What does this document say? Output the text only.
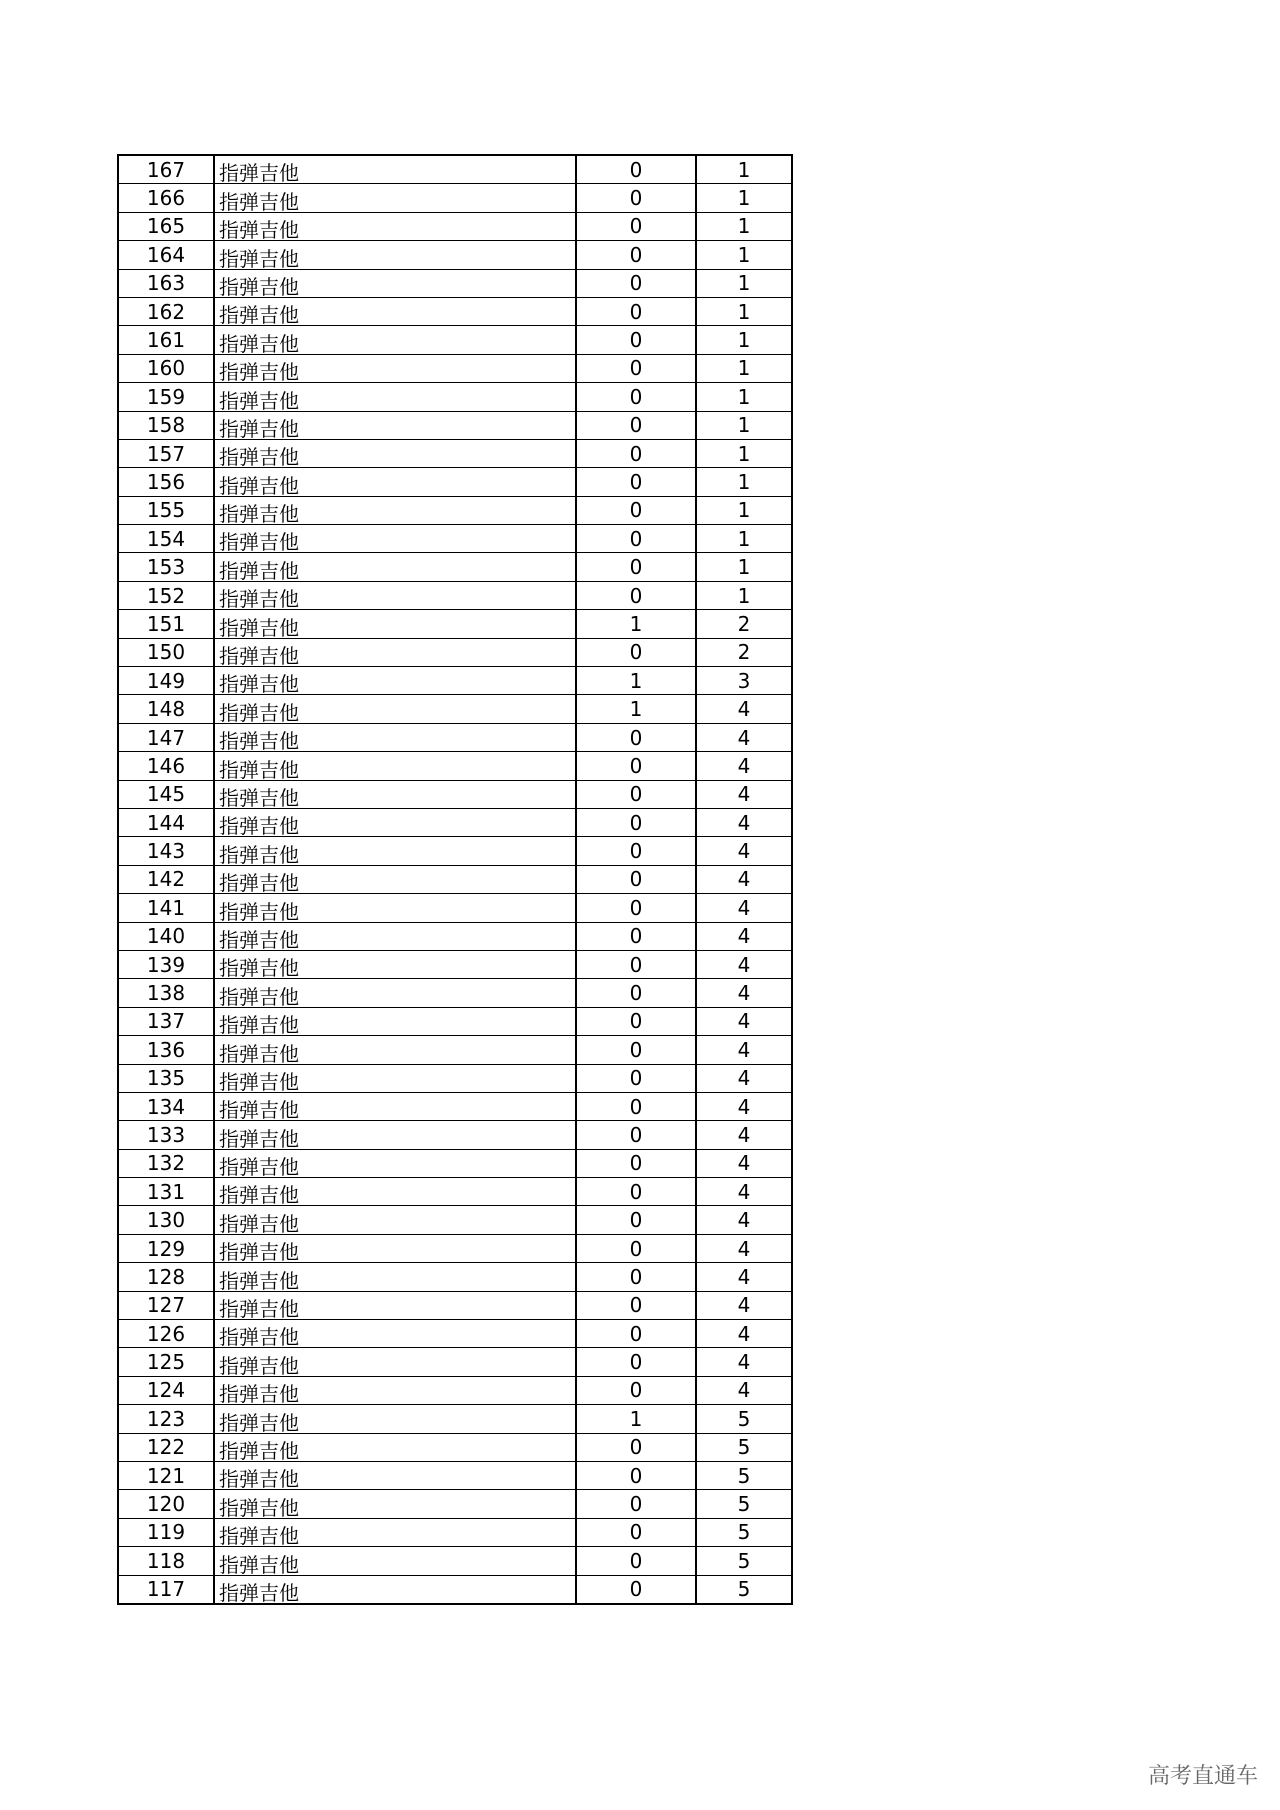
167	指弹吉他	0	1
166	指弹吉他	0	1
165	指弹吉他	0	1
164	指弹吉他	0	1
163	指弹吉他	0	1
162	指弹吉他	0	1
161	指弹吉他	0	1
160	指弹吉他	0	1
159	指弹吉他	0	1
158	指弹吉他	0	1
157	指弹吉他	0	1
156	指弹吉他	0	1
155	指弹吉他	0	1
154	指弹吉他	0	1
153	指弹吉他	0	1
152	指弹吉他	0	1
151	指弹吉他	1	2
150	指弹吉他	0	2
149	指弹吉他	1	3
148	指弹吉他	1	4
147	指弹吉他	0	4
146	指弹吉他	0	4
145	指弹吉他	0	4
144	指弹吉他	0	4
143	指弹吉他	0	4
142	指弹吉他	0	4
141	指弹吉他	0	4
140	指弹吉他	0	4
139	指弹吉他	0	4
138	指弹吉他	0	4
137	指弹吉他	0	4
136	指弹吉他	0	4
135	指弹吉他	0	4
134	指弹吉他	0	4
133	指弹吉他	0	4
132	指弹吉他	0	4
131	指弹吉他	0	4
130	指弹吉他	0	4
129	指弹吉他	0	4
128	指弹吉他	0	4
127	指弹吉他	0	4
126	指弹吉他	0	4
125	指弹吉他	0	4
124	指弹吉他	0	4
123	指弹吉他	1	5
122	指弹吉他	0	5
121	指弹吉他	0	5
120	指弹吉他	0	5
119	指弹吉他	0	5
118	指弹吉他	0	5
117	指弹吉他	0	5
高考直通车
